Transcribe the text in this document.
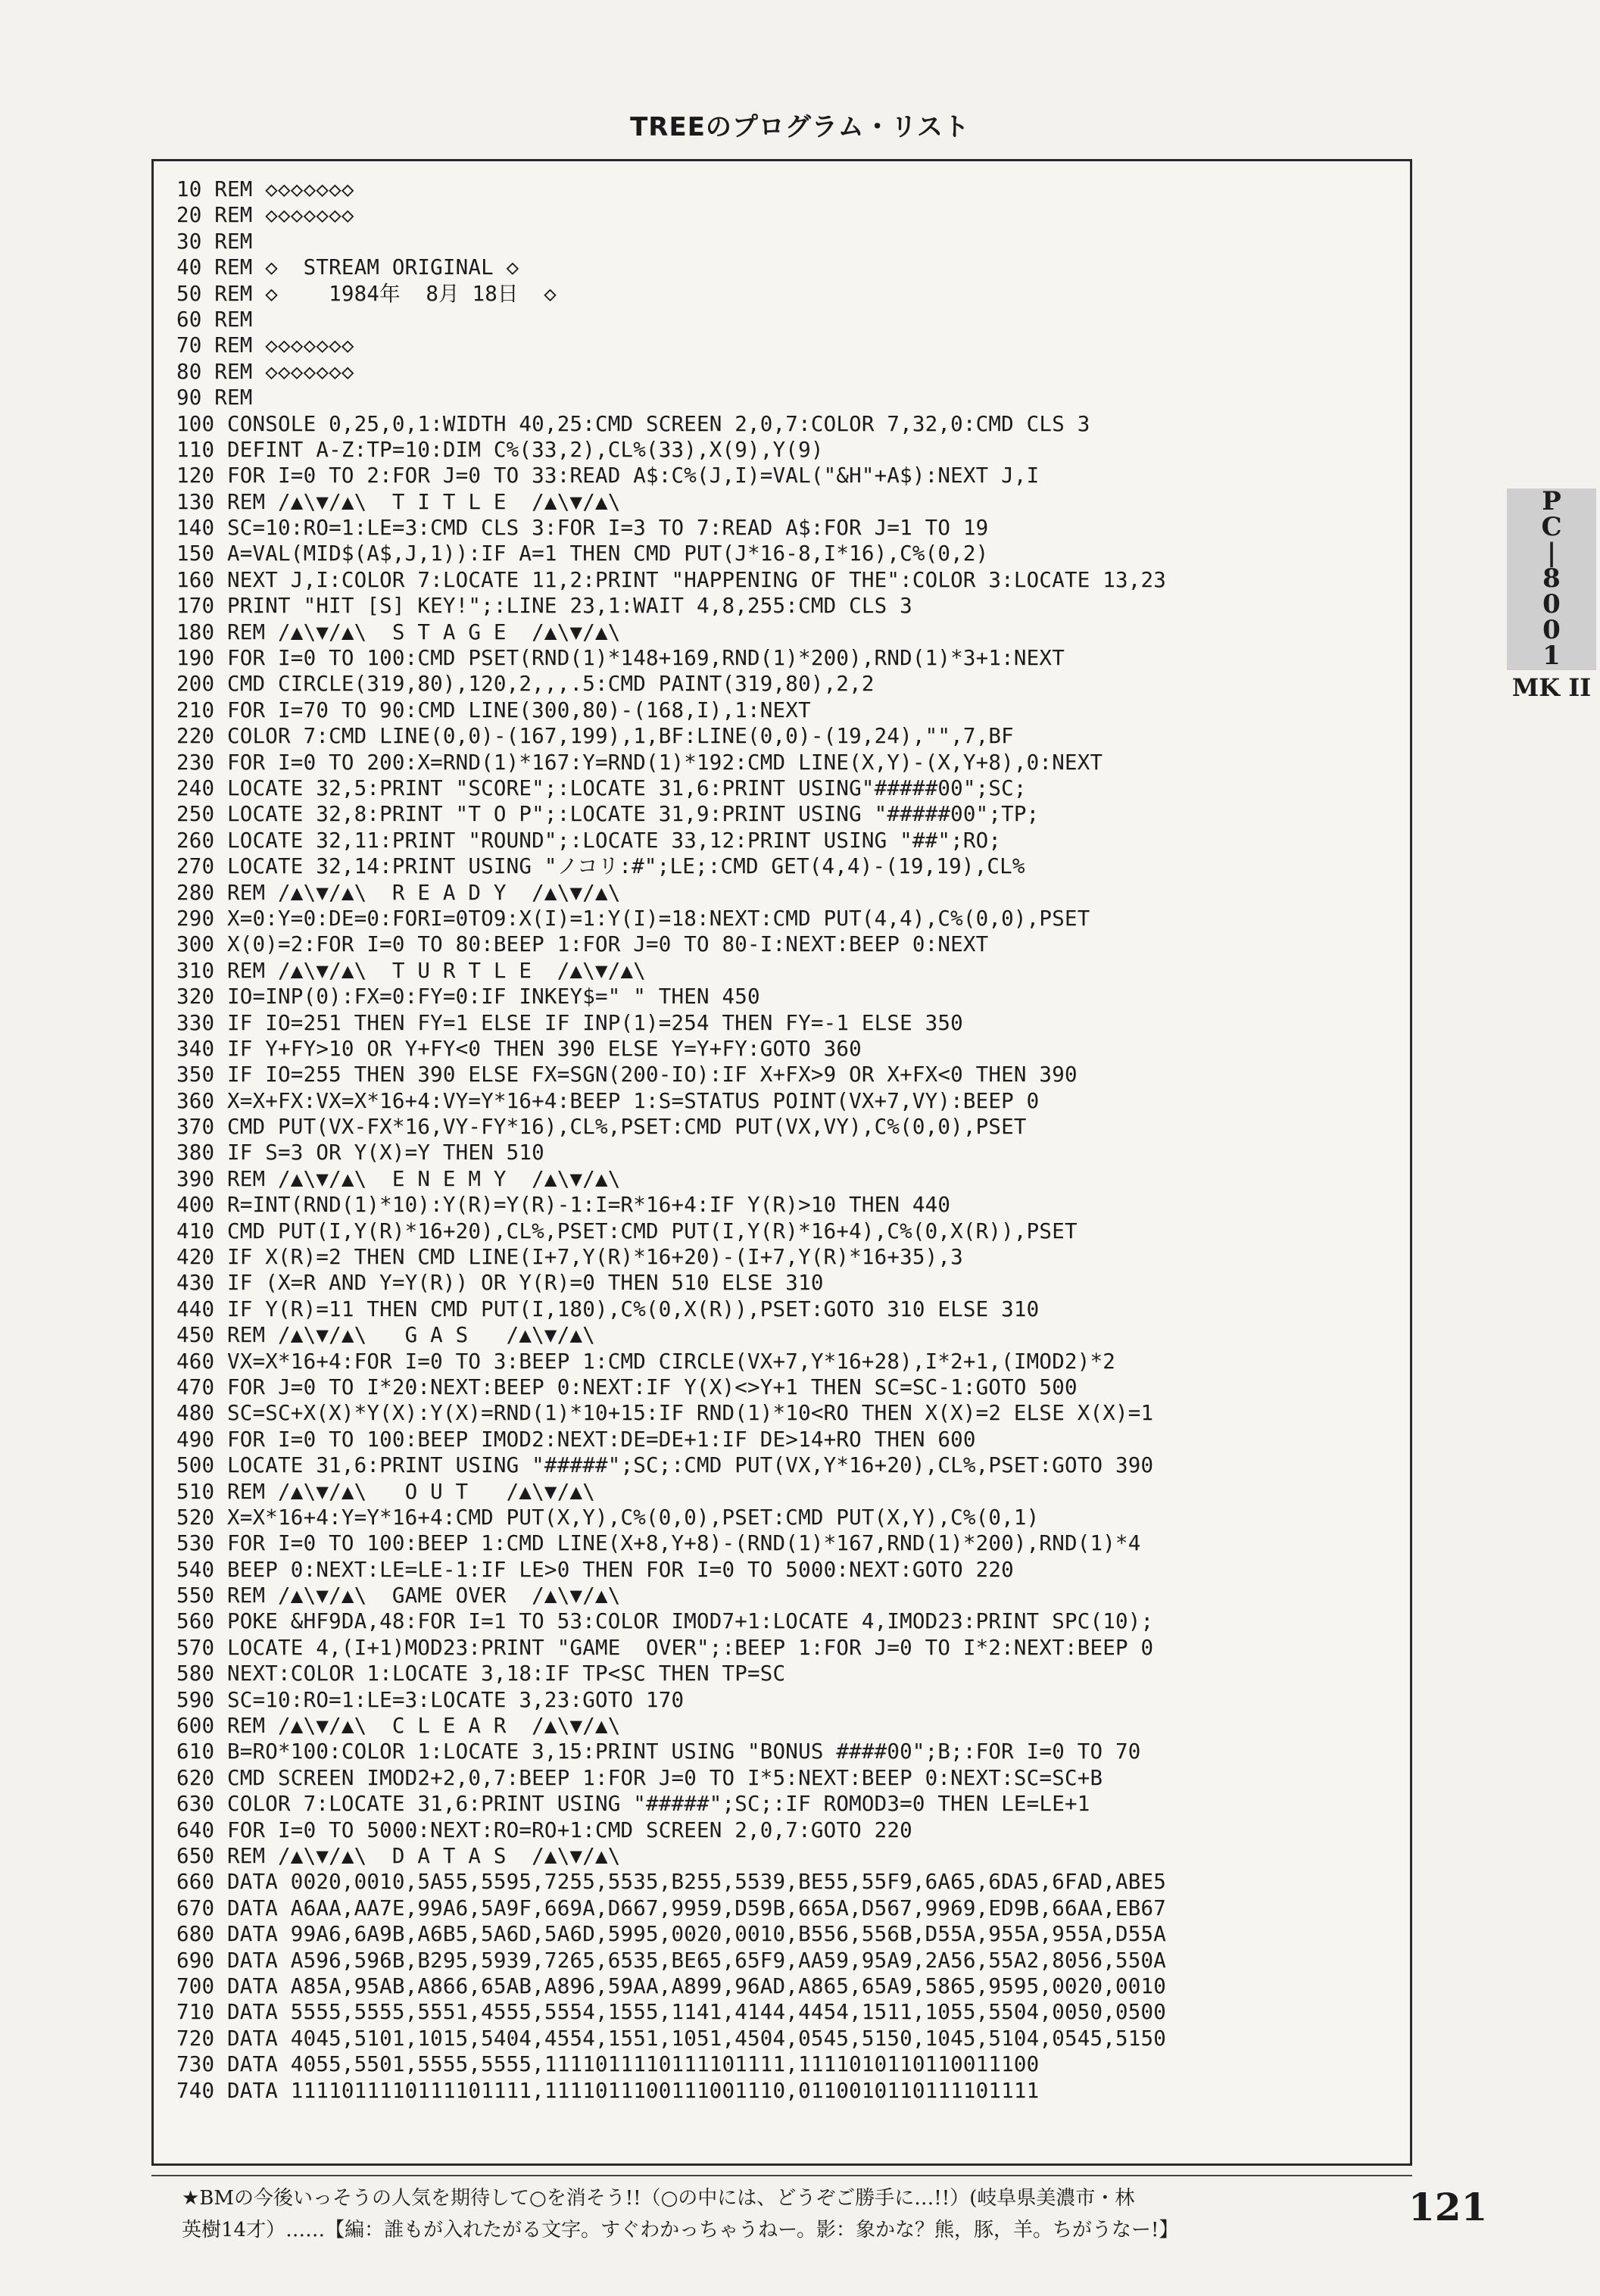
TREEのプログラム・リスト
10 REM ◇◇◇◇◇◇◇
20 REM ◇◇◇◇◇◇◇
30 REM
40 REM ◇  STREAM ORIGINAL ◇
50 REM ◇    1984年  8月 18日  ◇
60 REM
70 REM ◇◇◇◇◇◇◇
80 REM ◇◇◇◇◇◇◇
90 REM
100 CONSOLE 0,25,0,1:WIDTH 40,25:CMD SCREEN 2,0,7:COLOR 7,32,0:CMD CLS 3
110 DEFINT A-Z:TP=10:DIM C%(33,2),CL%(33),X(9),Y(9)
120 FOR I=0 TO 2:FOR J=0 TO 33:READ A$:C%(J,I)=VAL("&H"+A$):NEXT J,I
130 REM /▲\▼/▲\  T I T L E  /▲\▼/▲\
140 SC=10:RO=1:LE=3:CMD CLS 3:FOR I=3 TO 7:READ A$:FOR J=1 TO 19
150 A=VAL(MID$(A$,J,1)):IF A=1 THEN CMD PUT(J*16-8,I*16),C%(0,2)
160 NEXT J,I:COLOR 7:LOCATE 11,2:PRINT "HAPPENING OF THE":COLOR 3:LOCATE 13,23
170 PRINT "HIT [S] KEY!";:LINE 23,1:WAIT 4,8,255:CMD CLS 3
180 REM /▲\▼/▲\  S T A G E  /▲\▼/▲\
190 FOR I=0 TO 100:CMD PSET(RND(1)*148+169,RND(1)*200),RND(1)*3+1:NEXT
200 CMD CIRCLE(319,80),120,2,,,.5:CMD PAINT(319,80),2,2
210 FOR I=70 TO 90:CMD LINE(300,80)-(168,I),1:NEXT
220 COLOR 7:CMD LINE(0,0)-(167,199),1,BF:LINE(0,0)-(19,24),"",7,BF
230 FOR I=0 TO 200:X=RND(1)*167:Y=RND(1)*192:CMD LINE(X,Y)-(X,Y+8),0:NEXT
240 LOCATE 32,5:PRINT "SCORE";:LOCATE 31,6:PRINT USING"#####00";SC;
250 LOCATE 32,8:PRINT "T O P";:LOCATE 31,9:PRINT USING "#####00";TP;
260 LOCATE 32,11:PRINT "ROUND";:LOCATE 33,12:PRINT USING "##";RO;
270 LOCATE 32,14:PRINT USING "ノコリ:#";LE;:CMD GET(4,4)-(19,19),CL%
280 REM /▲\▼/▲\  R E A D Y  /▲\▼/▲\
290 X=0:Y=0:DE=0:FORI=0TO9:X(I)=1:Y(I)=18:NEXT:CMD PUT(4,4),C%(0,0),PSET
300 X(0)=2:FOR I=0 TO 80:BEEP 1:FOR J=0 TO 80-I:NEXT:BEEP 0:NEXT
310 REM /▲\▼/▲\  T U R T L E  /▲\▼/▲\
320 IO=INP(0):FX=0:FY=0:IF INKEY$=" " THEN 450
330 IF IO=251 THEN FY=1 ELSE IF INP(1)=254 THEN FY=-1 ELSE 350
340 IF Y+FY>10 OR Y+FY<0 THEN 390 ELSE Y=Y+FY:GOTO 360
350 IF IO=255 THEN 390 ELSE FX=SGN(200-IO):IF X+FX>9 OR X+FX<0 THEN 390
360 X=X+FX:VX=X*16+4:VY=Y*16+4:BEEP 1:S=STATUS POINT(VX+7,VY):BEEP 0
370 CMD PUT(VX-FX*16,VY-FY*16),CL%,PSET:CMD PUT(VX,VY),C%(0,0),PSET
380 IF S=3 OR Y(X)=Y THEN 510
390 REM /▲\▼/▲\  E N E M Y  /▲\▼/▲\
400 R=INT(RND(1)*10):Y(R)=Y(R)-1:I=R*16+4:IF Y(R)>10 THEN 440
410 CMD PUT(I,Y(R)*16+20),CL%,PSET:CMD PUT(I,Y(R)*16+4),C%(0,X(R)),PSET
420 IF X(R)=2 THEN CMD LINE(I+7,Y(R)*16+20)-(I+7,Y(R)*16+35),3
430 IF (X=R AND Y=Y(R)) OR Y(R)=0 THEN 510 ELSE 310
440 IF Y(R)=11 THEN CMD PUT(I,180),C%(0,X(R)),PSET:GOTO 310 ELSE 310
450 REM /▲\▼/▲\   G A S   /▲\▼/▲\
460 VX=X*16+4:FOR I=0 TO 3:BEEP 1:CMD CIRCLE(VX+7,Y*16+28),I*2+1,(IMOD2)*2
470 FOR J=0 TO I*20:NEXT:BEEP 0:NEXT:IF Y(X)<>Y+1 THEN SC=SC-1:GOTO 500
480 SC=SC+X(X)*Y(X):Y(X)=RND(1)*10+15:IF RND(1)*10<RO THEN X(X)=2 ELSE X(X)=1
490 FOR I=0 TO 100:BEEP IMOD2:NEXT:DE=DE+1:IF DE>14+RO THEN 600
500 LOCATE 31,6:PRINT USING "#####";SC;:CMD PUT(VX,Y*16+20),CL%,PSET:GOTO 390
510 REM /▲\▼/▲\   O U T   /▲\▼/▲\
520 X=X*16+4:Y=Y*16+4:CMD PUT(X,Y),C%(0,0),PSET:CMD PUT(X,Y),C%(0,1)
530 FOR I=0 TO 100:BEEP 1:CMD LINE(X+8,Y+8)-(RND(1)*167,RND(1)*200),RND(1)*4
540 BEEP 0:NEXT:LE=LE-1:IF LE>0 THEN FOR I=0 TO 5000:NEXT:GOTO 220
550 REM /▲\▼/▲\  GAME OVER  /▲\▼/▲\
560 POKE &HF9DA,48:FOR I=1 TO 53:COLOR IMOD7+1:LOCATE 4,IMOD23:PRINT SPC(10);
570 LOCATE 4,(I+1)MOD23:PRINT "GAME  OVER";:BEEP 1:FOR J=0 TO I*2:NEXT:BEEP 0
580 NEXT:COLOR 1:LOCATE 3,18:IF TP<SC THEN TP=SC
590 SC=10:RO=1:LE=3:LOCATE 3,23:GOTO 170
600 REM /▲\▼/▲\  C L E A R  /▲\▼/▲\
610 B=RO*100:COLOR 1:LOCATE 3,15:PRINT USING "BONUS ####00";B;:FOR I=0 TO 70
620 CMD SCREEN IMOD2+2,0,7:BEEP 1:FOR J=0 TO I*5:NEXT:BEEP 0:NEXT:SC=SC+B
630 COLOR 7:LOCATE 31,6:PRINT USING "#####";SC;:IF ROMOD3=0 THEN LE=LE+1
640 FOR I=0 TO 5000:NEXT:RO=RO+1:CMD SCREEN 2,0,7:GOTO 220
650 REM /▲\▼/▲\  D A T A S  /▲\▼/▲\
660 DATA 0020,0010,5A55,5595,7255,5535,B255,5539,BE55,55F9,6A65,6DA5,6FAD,ABE5
670 DATA A6AA,AA7E,99A6,5A9F,669A,D667,9959,D59B,665A,D567,9969,ED9B,66AA,EB67
680 DATA 99A6,6A9B,A6B5,5A6D,5A6D,5995,0020,0010,B556,556B,D55A,955A,955A,D55A
690 DATA A596,596B,B295,5939,7265,6535,BE65,65F9,AA59,95A9,2A56,55A2,8056,550A
700 DATA A85A,95AB,A866,65AB,A896,59AA,A899,96AD,A865,65A9,5865,9595,0020,0010
710 DATA 5555,5555,5551,4555,5554,1555,1141,4144,4454,1511,1055,5504,0050,0500
720 DATA 4045,5101,1015,5404,4554,1551,1051,4504,0545,5150,1045,5104,0545,5150
730 DATA 4055,5501,5555,5555,1111011110111101111,1111010110110011100
740 DATA 1111011110111101111,1111011100111001110,0110010110111101111
P
C
|
8
0
0
1
MK II
★BMの今後いっそうの人気を期待して○を消そう!!（○の中には、どうぞご勝手に…!!）(岐阜県美濃市・林
英樹14才）……【編：誰もが入れたがる文字。すぐわかっちゃうねー。影：象かな？熊，豚，羊。ちがうなー!】
121
